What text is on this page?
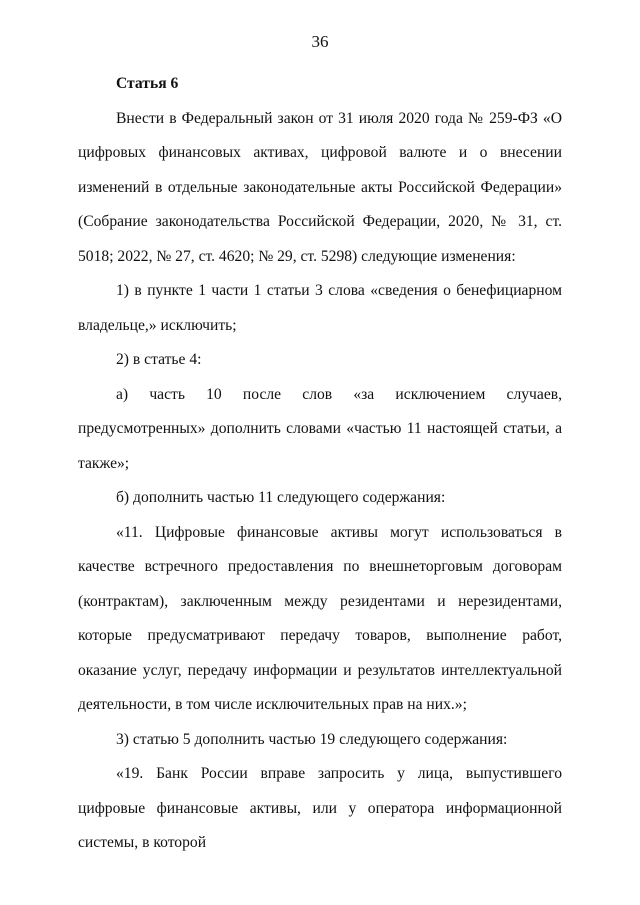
36

Статья 6

Внести в Федеральный закон от 31 июля 2020 года № 259-ФЗ «О цифровых финансовых активах, цифровой валюте и о внесении изменений в отдельные законодательные акты Российской Федерации» (Собрание законодательства Российской Федерации, 2020, № 31, ст. 5018; 2022, № 27, ст. 4620; № 29, ст. 5298) следующие изменения:

1) в пункте 1 части 1 статьи 3 слова «сведения о бенефициарном владельце,» исключить;

2) в статье 4:

а) часть 10 после слов «за исключением случаев, предусмотренных» дополнить словами «частью 11 настоящей статьи, а также»;

б) дополнить частью 11 следующего содержания:

«11. Цифровые финансовые активы могут использоваться в качестве встречного предоставления по внешнеторговым договорам (контрактам), заключенным между резидентами и нерезидентами, которые предусматривают передачу товаров, выполнение работ, оказание услуг, передачу информации и результатов интеллектуальной деятельности, в том числе исключительных прав на них.»;

3) статью 5 дополнить частью 19 следующего содержания:

«19. Банк России вправе запросить у лица, выпустившего цифровые финансовые активы, или у оператора информационной системы, в которой
